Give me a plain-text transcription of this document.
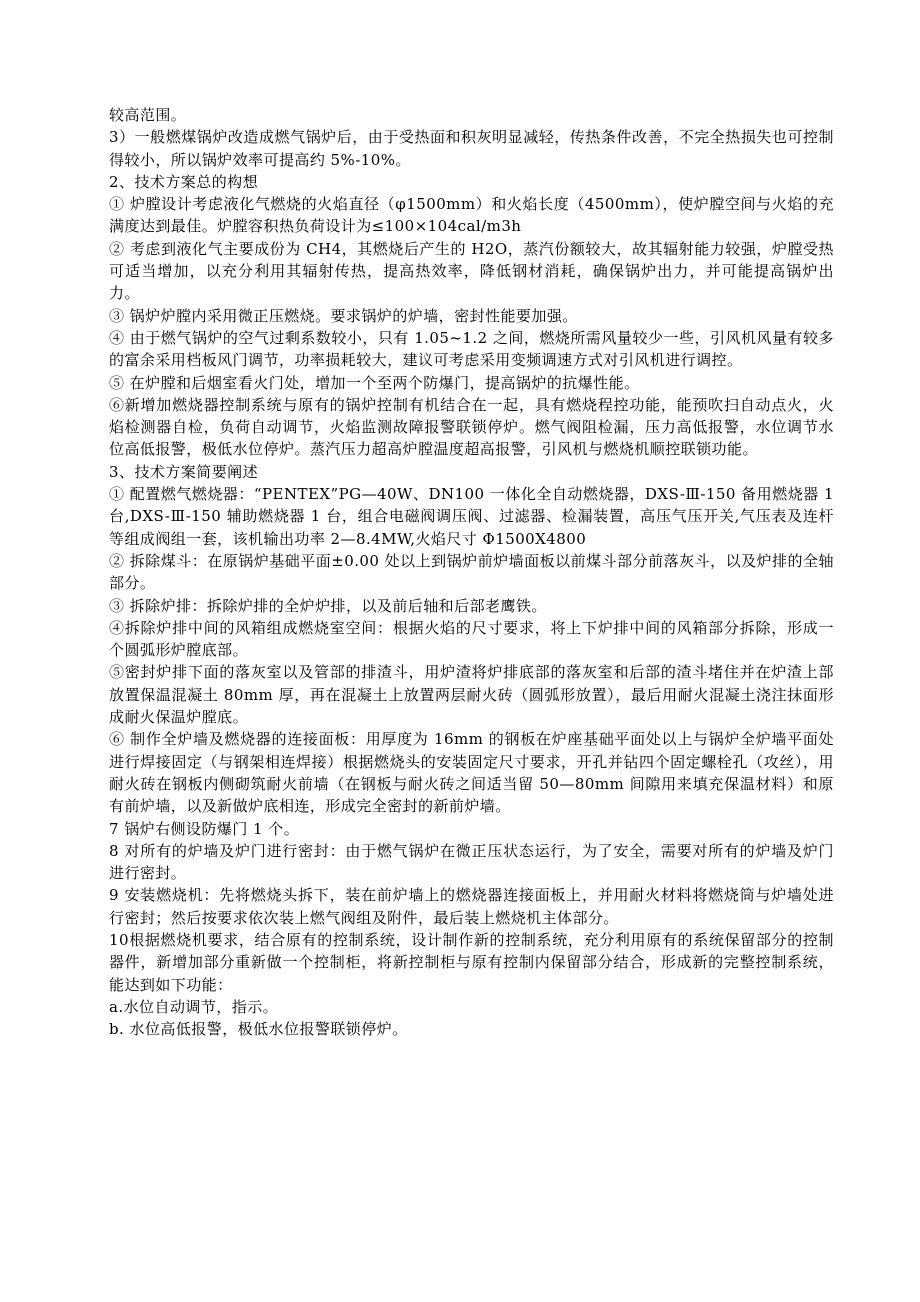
较高范围。

3）一般燃煤锅炉改造成燃气锅炉后，由于受热面和积灰明显减轻，传热条件改善，不完全热损失也可控制得较小，所以锅炉效率可提高约 5%-10%。

2、技术方案总的构想

① 炉膛设计考虑液化气燃烧的火焰直径（φ1500mm）和火焰长度（4500mm），使炉膛空间与火焰的充满度达到最佳。炉膛容积热负荷设计为≤100×104cal/m3h

② 考虑到液化气主要成份为 CH4，其燃烧后产生的 H2O，蒸汽份额较大，故其辐射能力较强，炉膛受热可适当增加，以充分利用其辐射传热，提高热效率，降低钢材消耗，确保锅炉出力，并可能提高锅炉出力。

③ 锅炉炉膛内采用微正压燃烧。要求锅炉的炉墙，密封性能要加强。

④ 由于燃气锅炉的空气过剩系数较小，只有 1.05~1.2 之间，燃烧所需风量较少一些，引风机风量有较多的富余采用档板风门调节，功率损耗较大，建议可考虑采用变频调速方式对引风机进行调控。

⑤ 在炉膛和后烟室看火门处，增加一个至两个防爆门，提高锅炉的抗爆性能。

⑥新增加燃烧器控制系统与原有的锅炉控制有机结合在一起，具有燃烧程控功能，能预吹扫自动点火，火焰检测器自检，负荷自动调节，火焰监测故障报警联锁停炉。燃气阀阻检漏，压力高低报警，水位调节水位高低报警，极低水位停炉。蒸汽压力超高炉膛温度超高报警，引风机与燃烧机顺控联锁功能。

3、技术方案简要阐述

① 配置燃气燃烧器：“PENTEX”PG—40W、DN100 一体化全自动燃烧器，DXS-Ⅲ-150 备用燃烧器 1 台,DXS-Ⅲ-150 辅助燃烧器 1 台，组合电磁阀调压阀、过滤器、检漏装置，高压气压开关,气压表及连杆等组成阀组一套，该机输出功率 2—8.4MW,火焰尺寸 Φ1500X4800

② 拆除煤斗：在原锅炉基础平面±0.00 处以上到锅炉前炉墙面板以前煤斗部分前落灰斗，以及炉排的全轴部分。

③ 拆除炉排：拆除炉排的全炉炉排，以及前后轴和后部老鹰铁。

④拆除炉排中间的风箱组成燃烧室空间：根据火焰的尺寸要求，将上下炉排中间的风箱部分拆除，形成一个圆弧形炉膛底部。

⑤密封炉排下面的落灰室以及管部的排渣斗，用炉渣将炉排底部的落灰室和后部的渣斗堵住并在炉渣上部放置保温混凝土 80mm 厚，再在混凝土上放置两层耐火砖（圆弧形放置），最后用耐火混凝土浇注抹面形成耐火保温炉膛底。

⑥ 制作全炉墙及燃烧器的连接面板：用厚度为 16mm 的钢板在炉座基础平面处以上与锅炉全炉墙平面处进行焊接固定（与钢架相连焊接）根据燃烧头的安装固定尺寸要求，开孔并钻四个固定螺栓孔（攻丝），用耐火砖在钢板内侧砌筑耐火前墙（在钢板与耐火砖之间适当留 50—80mm 间隙用来填充保温材料）和原有前炉墙，以及新做炉底相连，形成完全密封的新前炉墙。

7 锅炉右侧设防爆门 1 个。

8 对所有的炉墙及炉门进行密封：由于燃气锅炉在微正压状态运行，为了安全，需要对所有的炉墙及炉门进行密封。

9 安装燃烧机：先将燃烧头拆下，装在前炉墙上的燃烧器连接面板上，并用耐火材料将燃烧筒与炉墙处进行密封；然后按要求依次装上燃气阀组及附件，最后装上燃烧机主体部分。

10根据燃烧机要求，结合原有的控制系统，设计制作新的控制系统，充分利用原有的系统保留部分的控制器件，新增加部分重新做一个控制柜，将新控制柜与原有控制内保留部分结合，形成新的完整控制系统，能达到如下功能：

a.水位自动调节，指示。

b. 水位高低报警，极低水位报警联锁停炉。
